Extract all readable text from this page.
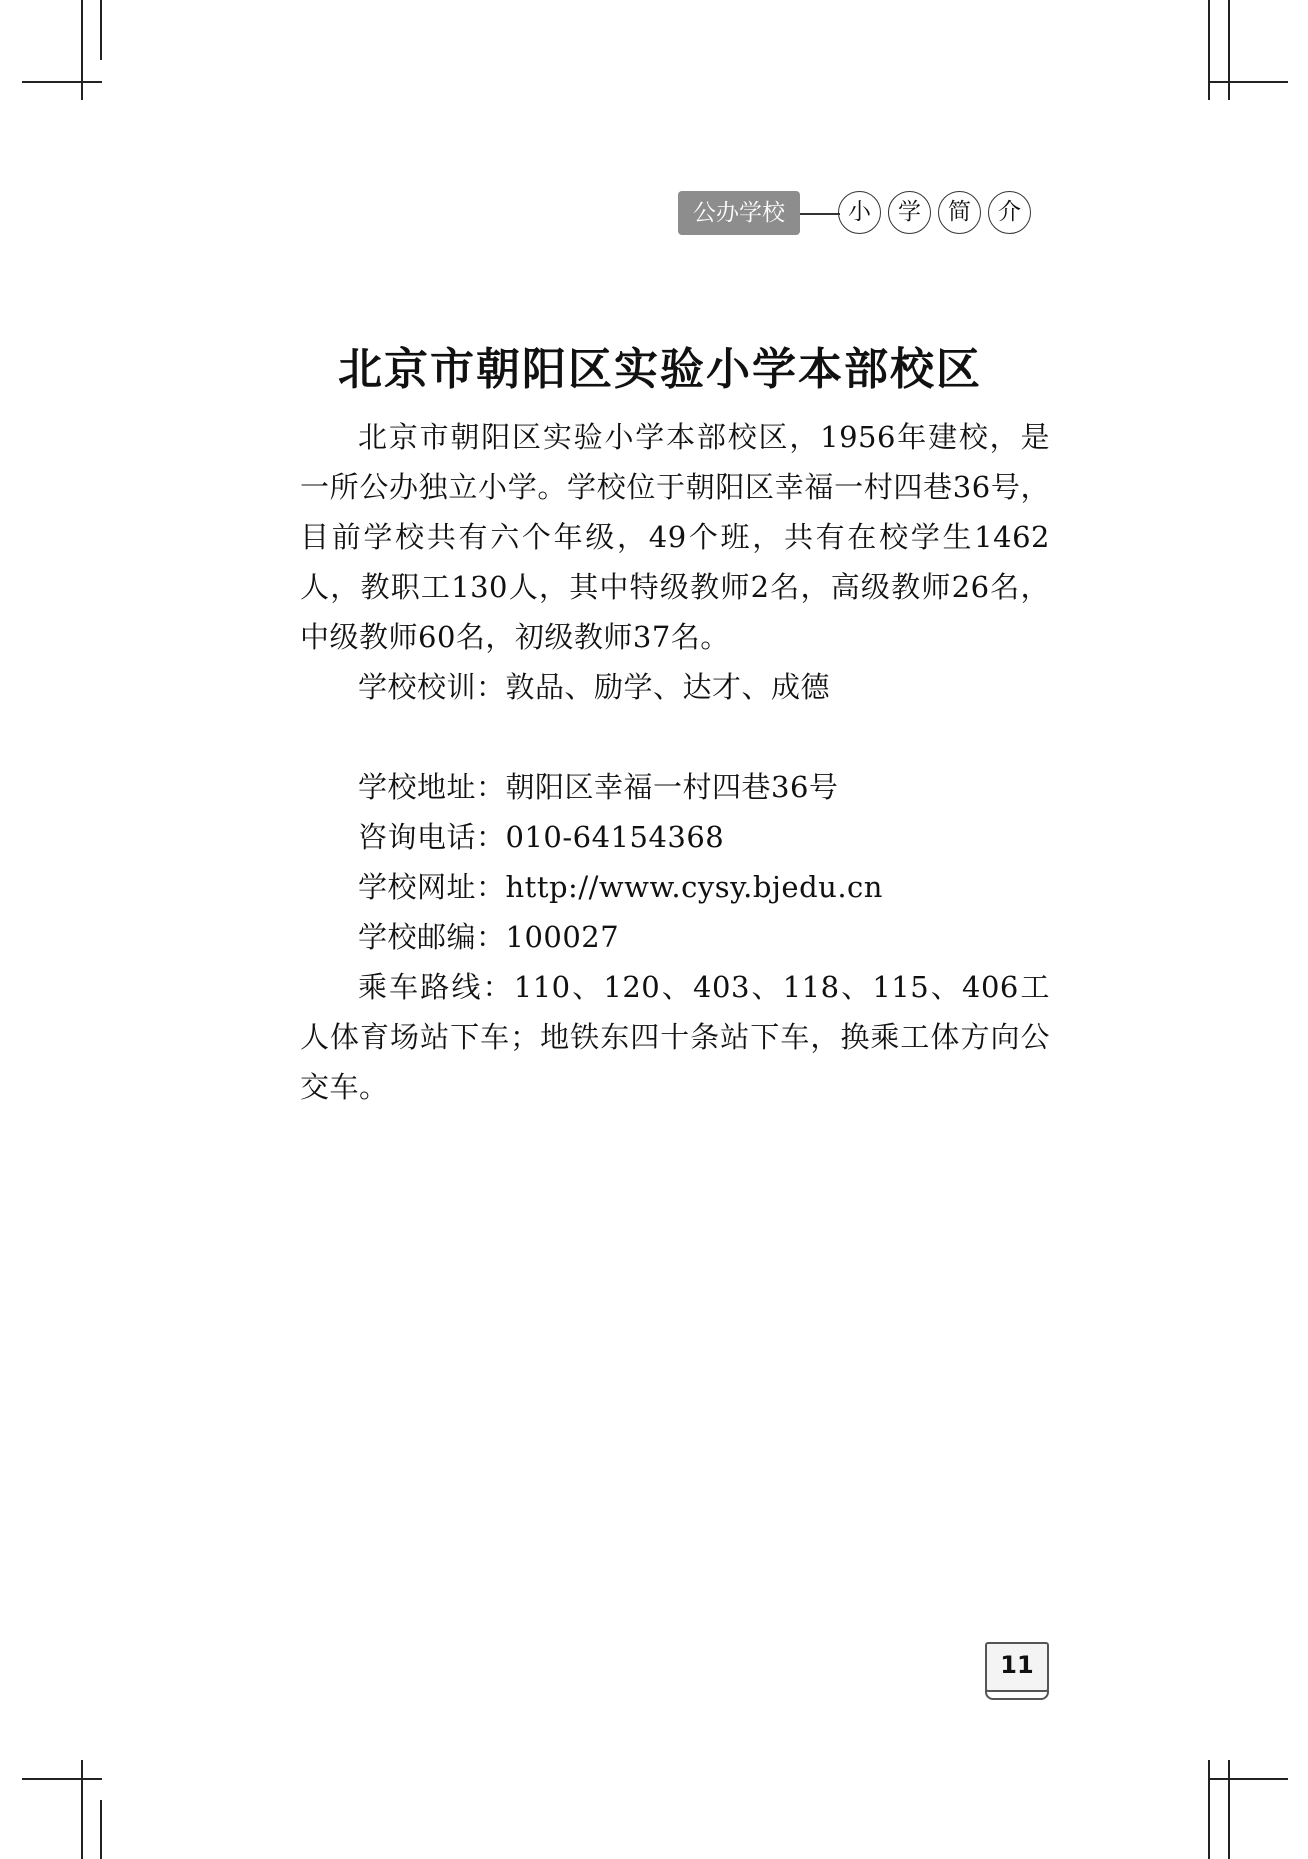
公办学校	小	学	简	介
北京市朝阳区实验小学本部校区

北京市朝阳区实验小学本部校区，1956年建校，是一所公办独立小学。学校位于朝阳区幸福一村四巷36号，目前学校共有六个年级，49个班，共有在校学生1462人，教职工130人，其中特级教师2名，高级教师26名，中级教师60名，初级教师37名。

学校校训：敦品、励学、达才、成德

学校地址：朝阳区幸福一村四巷36号

咨询电话：010-64154368

学校网址：http://www.cysy.bjedu.cn

学校邮编：100027

乘车路线：110、120、403、118、115、406工人体育场站下车；地铁东四十条站下车，换乘工体方向公交车。

11
